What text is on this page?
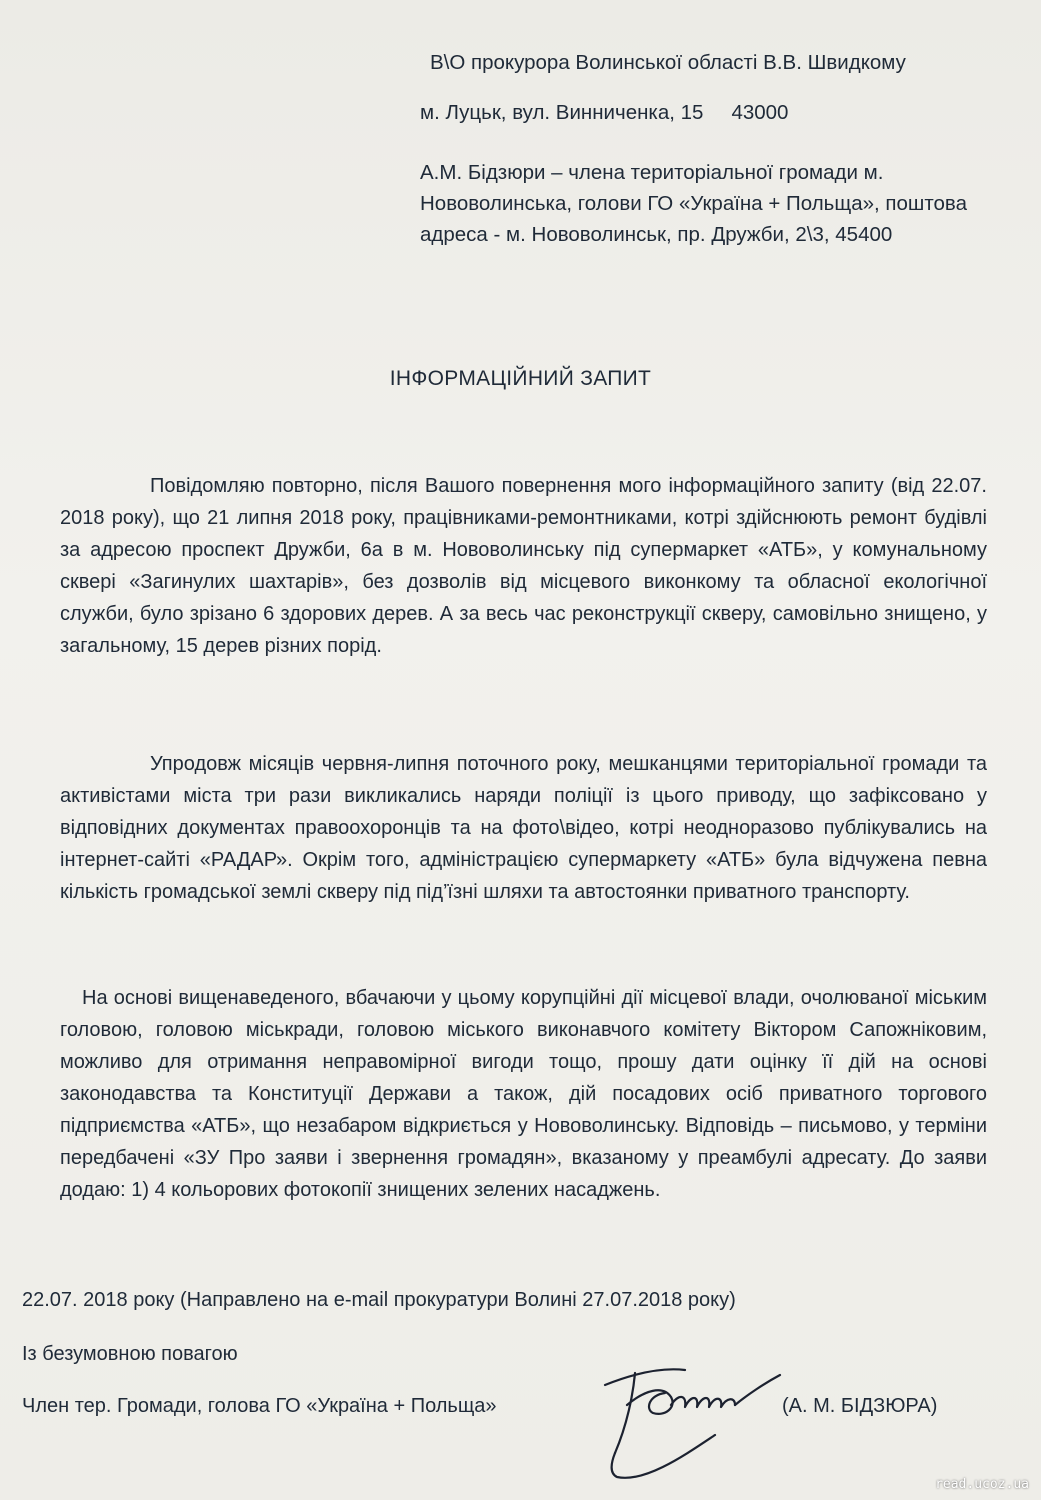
В\О прокурора Волинської області В.В. Швидкому
м. Луцьк, вул. Винниченка, 15 43000
А.М. Бідзюри – члена територіальної громади м. Нововолинська, голови ГО «Україна + Польща», поштова адреса - м. Нововолинськ, пр. Дружби, 2\3, 45400
ІНФОРМАЦІЙНИЙ ЗАПИТ

Повідомляю повторно, після Вашого повернення мого інформаційного запиту (від 22.07. 2018 року), що 21 липня 2018 року, працівниками-ремонтниками, котрі здійснюють ремонт будівлі за адресою проспект Дружби, 6а в м. Нововолинську під супермаркет «АТБ», у комунальному сквері «Загинулих шахтарів», без дозволів від місцевого виконкому та обласної екологічної служби, було зрізано 6 здорових дерев. А за весь час реконструкції скверу, самовільно знищено, у загальному, 15 дерев різних порід.

Упродовж місяців червня-липня поточного року, мешканцями територіальної громади та активістами міста три рази викликались наряди поліції із цього приводу, що зафіксовано у відповідних документах правоохоронців та на фото\відео, котрі неодноразово публікувались на інтернет-сайті «РАДАР». Окрім того, адміністрацією супермаркету «АТБ» була відчужена певна кількість громадської землі скверу під під’їзні шляхи та автостоянки приватного транспорту.

На основі вищенаведеного, вбачаючи у цьому корупційні дії місцевої влади, очолюваної міським головою, головою міськради, головою міського виконавчого комітету Віктором Сапожніковим, можливо для отримання неправомірної вигоди тощо, прошу дати оцінку її дій на основі законодавства та Конституції Держави а також, дій посадових осіб приватного торгового підприємства «АТБ», що незабаром відкриється у Нововолинську. Відповідь – письмово, у терміни передбачені «ЗУ Про заяви і звернення громадян», вказаному у преамбулі адресату. До заяви додаю: 1) 4 кольорових фотокопії знищених зелених насаджень.

22.07. 2018 року (Направлено на e-mail прокуратури Волині 27.07.2018 року)
Із безумовною повагою
Член тер. Громади, голова ГО «Україна + Польща»	(А. М. БІДЗЮРА)
read.ucoz.ua
